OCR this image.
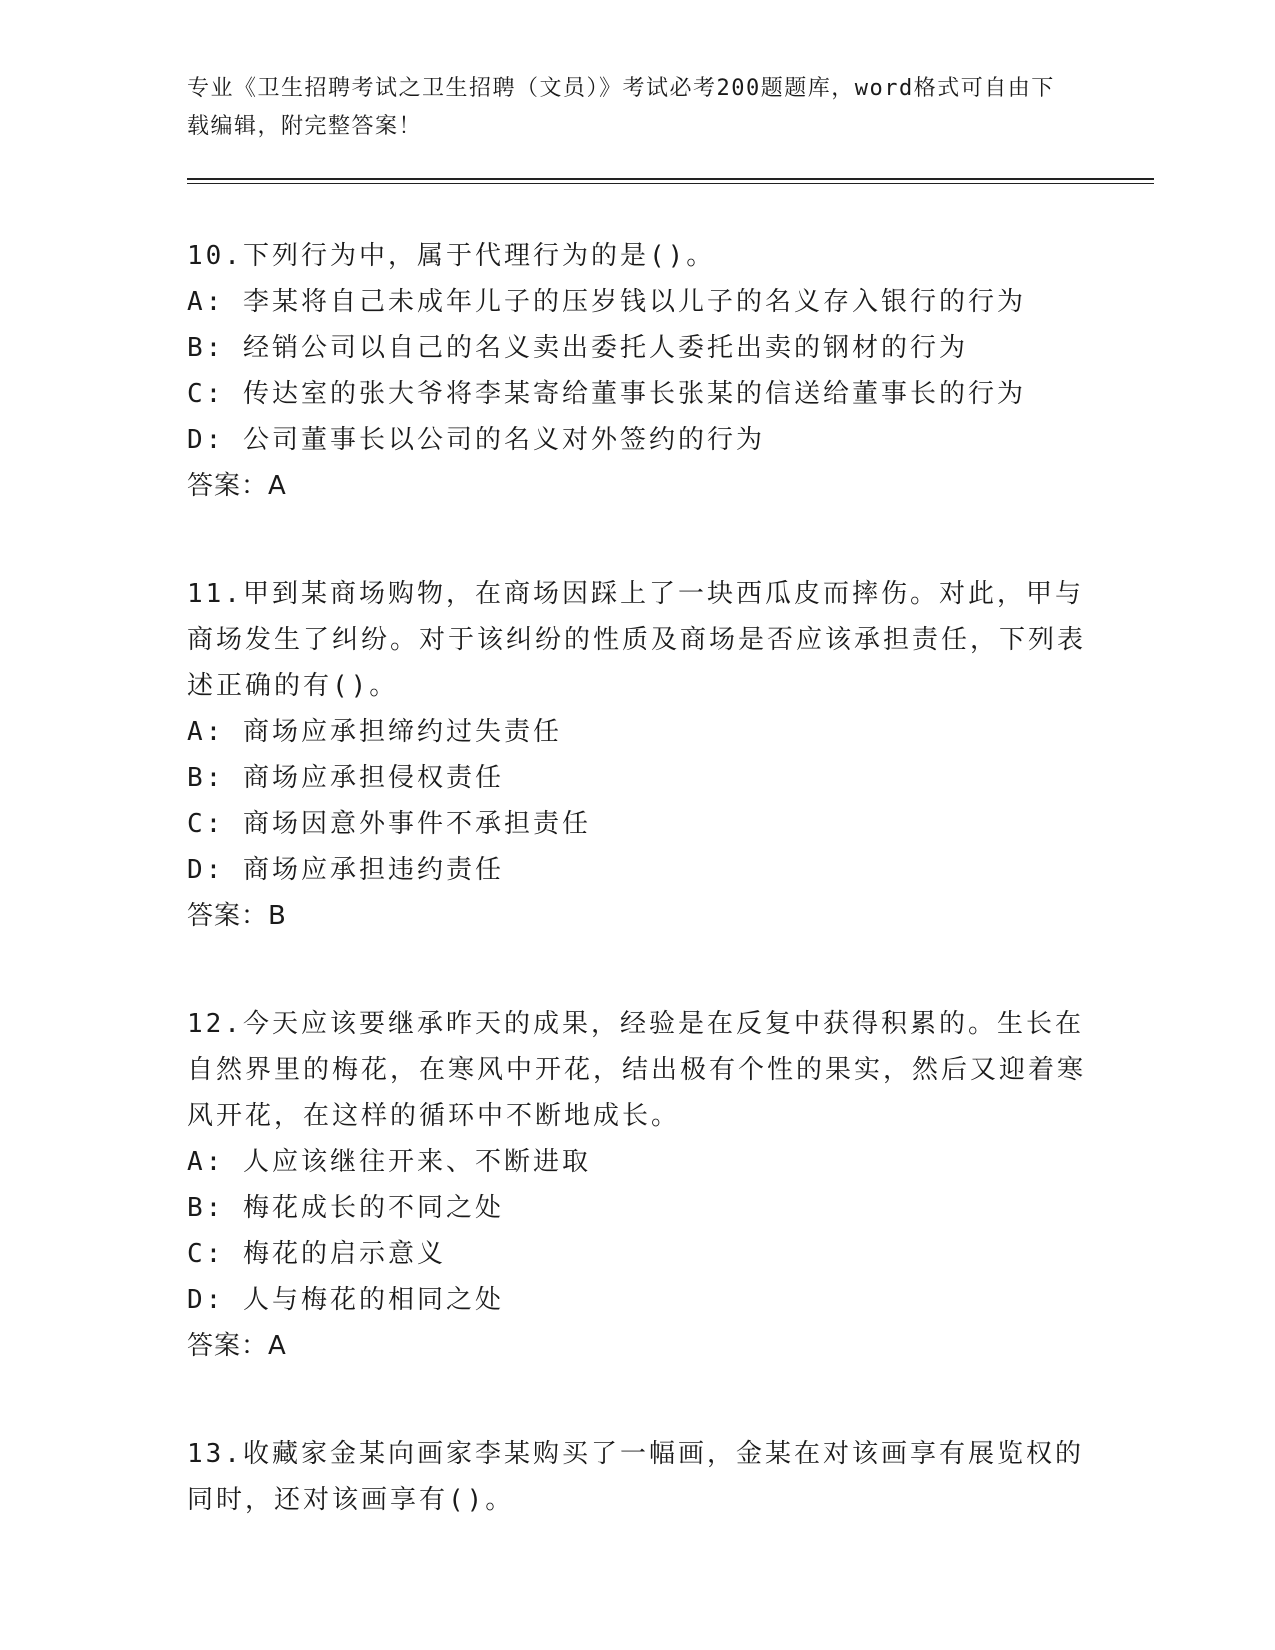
专业《卫生招聘考试之卫生招聘（文员）》考试必考200题题库，word格式可自由下载编辑，附完整答案！
10.下列行为中，属于代理行为的是()。
A: 李某将自己未成年儿子的压岁钱以儿子的名义存入银行的行为
B: 经销公司以自己的名义卖出委托人委托出卖的钢材的行为
C: 传达室的张大爷将李某寄给董事长张某的信送给董事长的行为
D: 公司董事长以公司的名义对外签约的行为
答案：A
11.甲到某商场购物，在商场因踩上了一块西瓜皮而摔伤。对此，甲与商场发生了纠纷。对于该纠纷的性质及商场是否应该承担责任，下列表述正确的有()。
A: 商场应承担缔约过失责任
B: 商场应承担侵权责任
C: 商场因意外事件不承担责任
D: 商场应承担违约责任
答案：B
12.今天应该要继承昨天的成果，经验是在反复中获得积累的。生长在自然界里的梅花，在寒风中开花，结出极有个性的果实，然后又迎着寒风开花，在这样的循环中不断地成长。
A: 人应该继往开来、不断进取
B: 梅花成长的不同之处
C: 梅花的启示意义
D: 人与梅花的相同之处
答案：A
13.收藏家金某向画家李某购买了一幅画，金某在对该画享有展览权的同时，还对该画享有()。
